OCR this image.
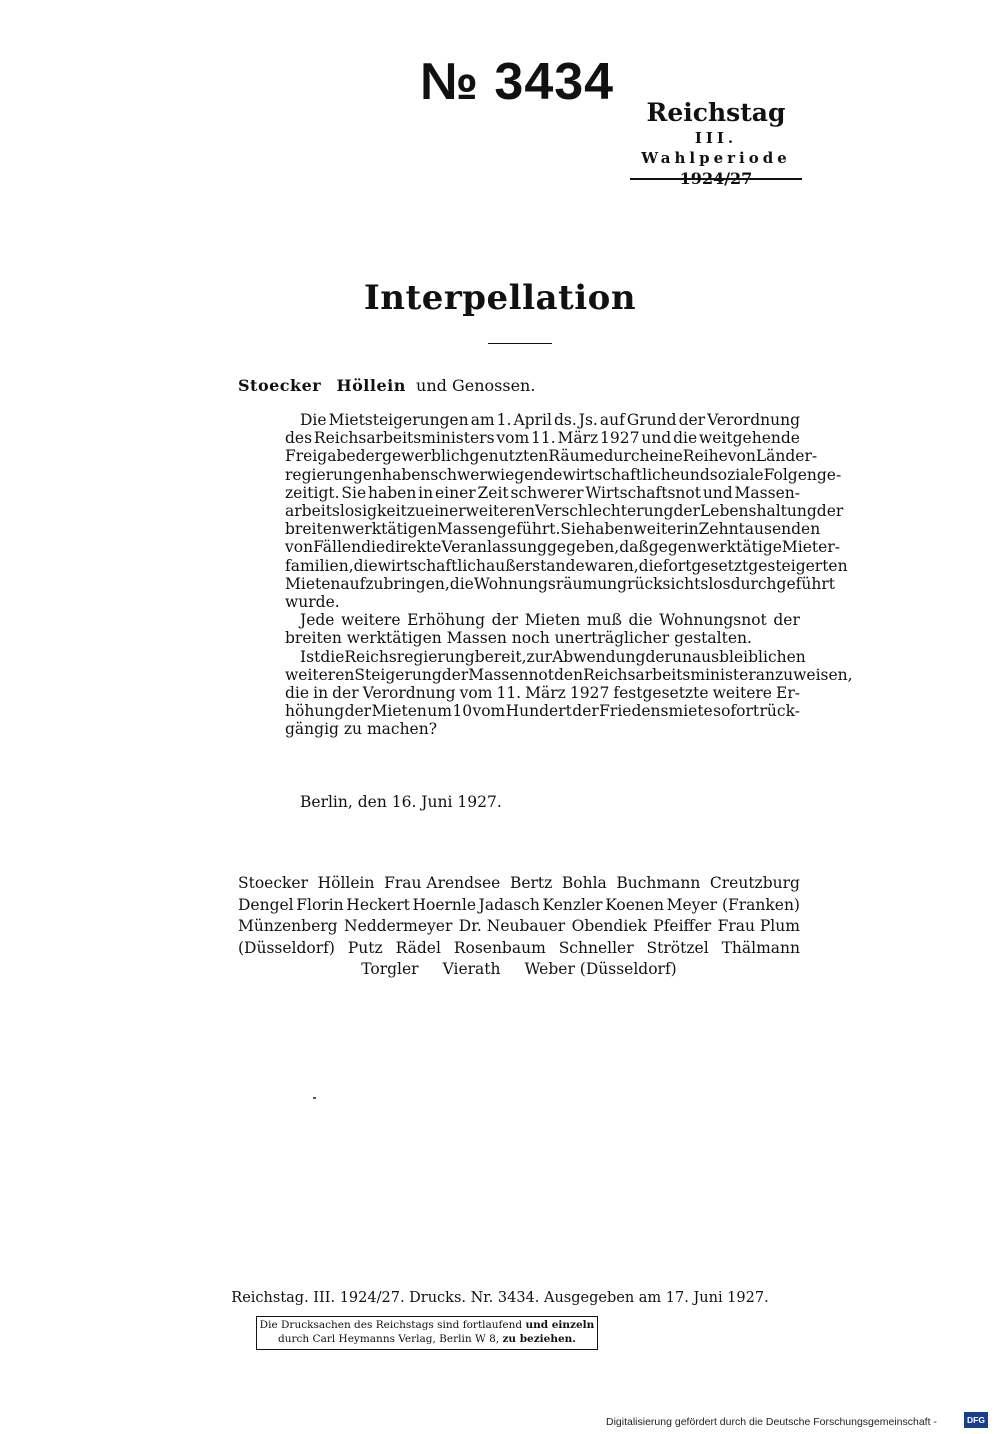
№ 3434
Reichstag
III. Wahlperiode
1924/27
Interpellation
Stoecker Höllein und Genossen.
Die Mietsteigerungen am 1. April ds. Js. auf Grund der Verordnung
des Reichsarbeitsministers vom 11. März 1927 und die weitgehende
Freigabe der gewerblich genutzten Räume durch eine Reihe von Länder-
regierungen haben schwerwiegende wirtschaftliche und soziale Folgen ge-
zeitigt. Sie haben in einer Zeit schwerer Wirtschaftsnot und Massen-
arbeitslosigkeit zu einer weiteren Verschlechterung der Lebenshaltung der
breiten werktätigen Massen geführt. Sie haben weiter in Zehntausenden
von Fällen die direkte Veranlassung gegeben, daß gegen werktätige Mieter-
familien, die wirtschaftlich außerstande waren, die fortgesetzt gesteigerten
Mieten aufzubringen, die Wohnungsräumung rücksichtslos durchgeführt
wurde.
Jede weitere Erhöhung der Mieten muß die Wohnungsnot der
breiten werktätigen Massen noch unerträglicher gestalten.
Ist die Reichsregierung bereit, zur Abwendung der unausbleiblichen
weiteren Steigerung der Massennot den Reichsarbeitsminister anzuweisen,
die in der Verordnung vom 11. März 1927 festgesetzte weitere Er-
höhung der Mieten um 10 vom Hundert der Friedensmiete sofort rück-
gängig zu machen?
Berlin, den 16. Juni 1927.
Stoecker Höllein Frau Arendsee Bertz Bohla Buchmann Creutzburg
Dengel Florin Heckert Hoernle Jadasch Kenzler Koenen Meyer (Franken)
Münzenberg Neddermeyer Dr. Neubauer Obendiek Pfeiffer Frau Plum
(Düsseldorf) Putz Rädel Rosenbaum Schneller Strötzel Thälmann
Torgler Vierath Weber (Düsseldorf)
Reichstag. III. 1924/27. Drucks. Nr. 3434. Ausgegeben am 17. Juni 1927.
Die Drucksachen des Reichstags sind fortlaufend und einzeln
durch Carl Heymanns Verlag, Berlin W 8, zu beziehen.
Digitalisierung gefördert durch die Deutsche Forschungsgemeinschaft -	DFG
